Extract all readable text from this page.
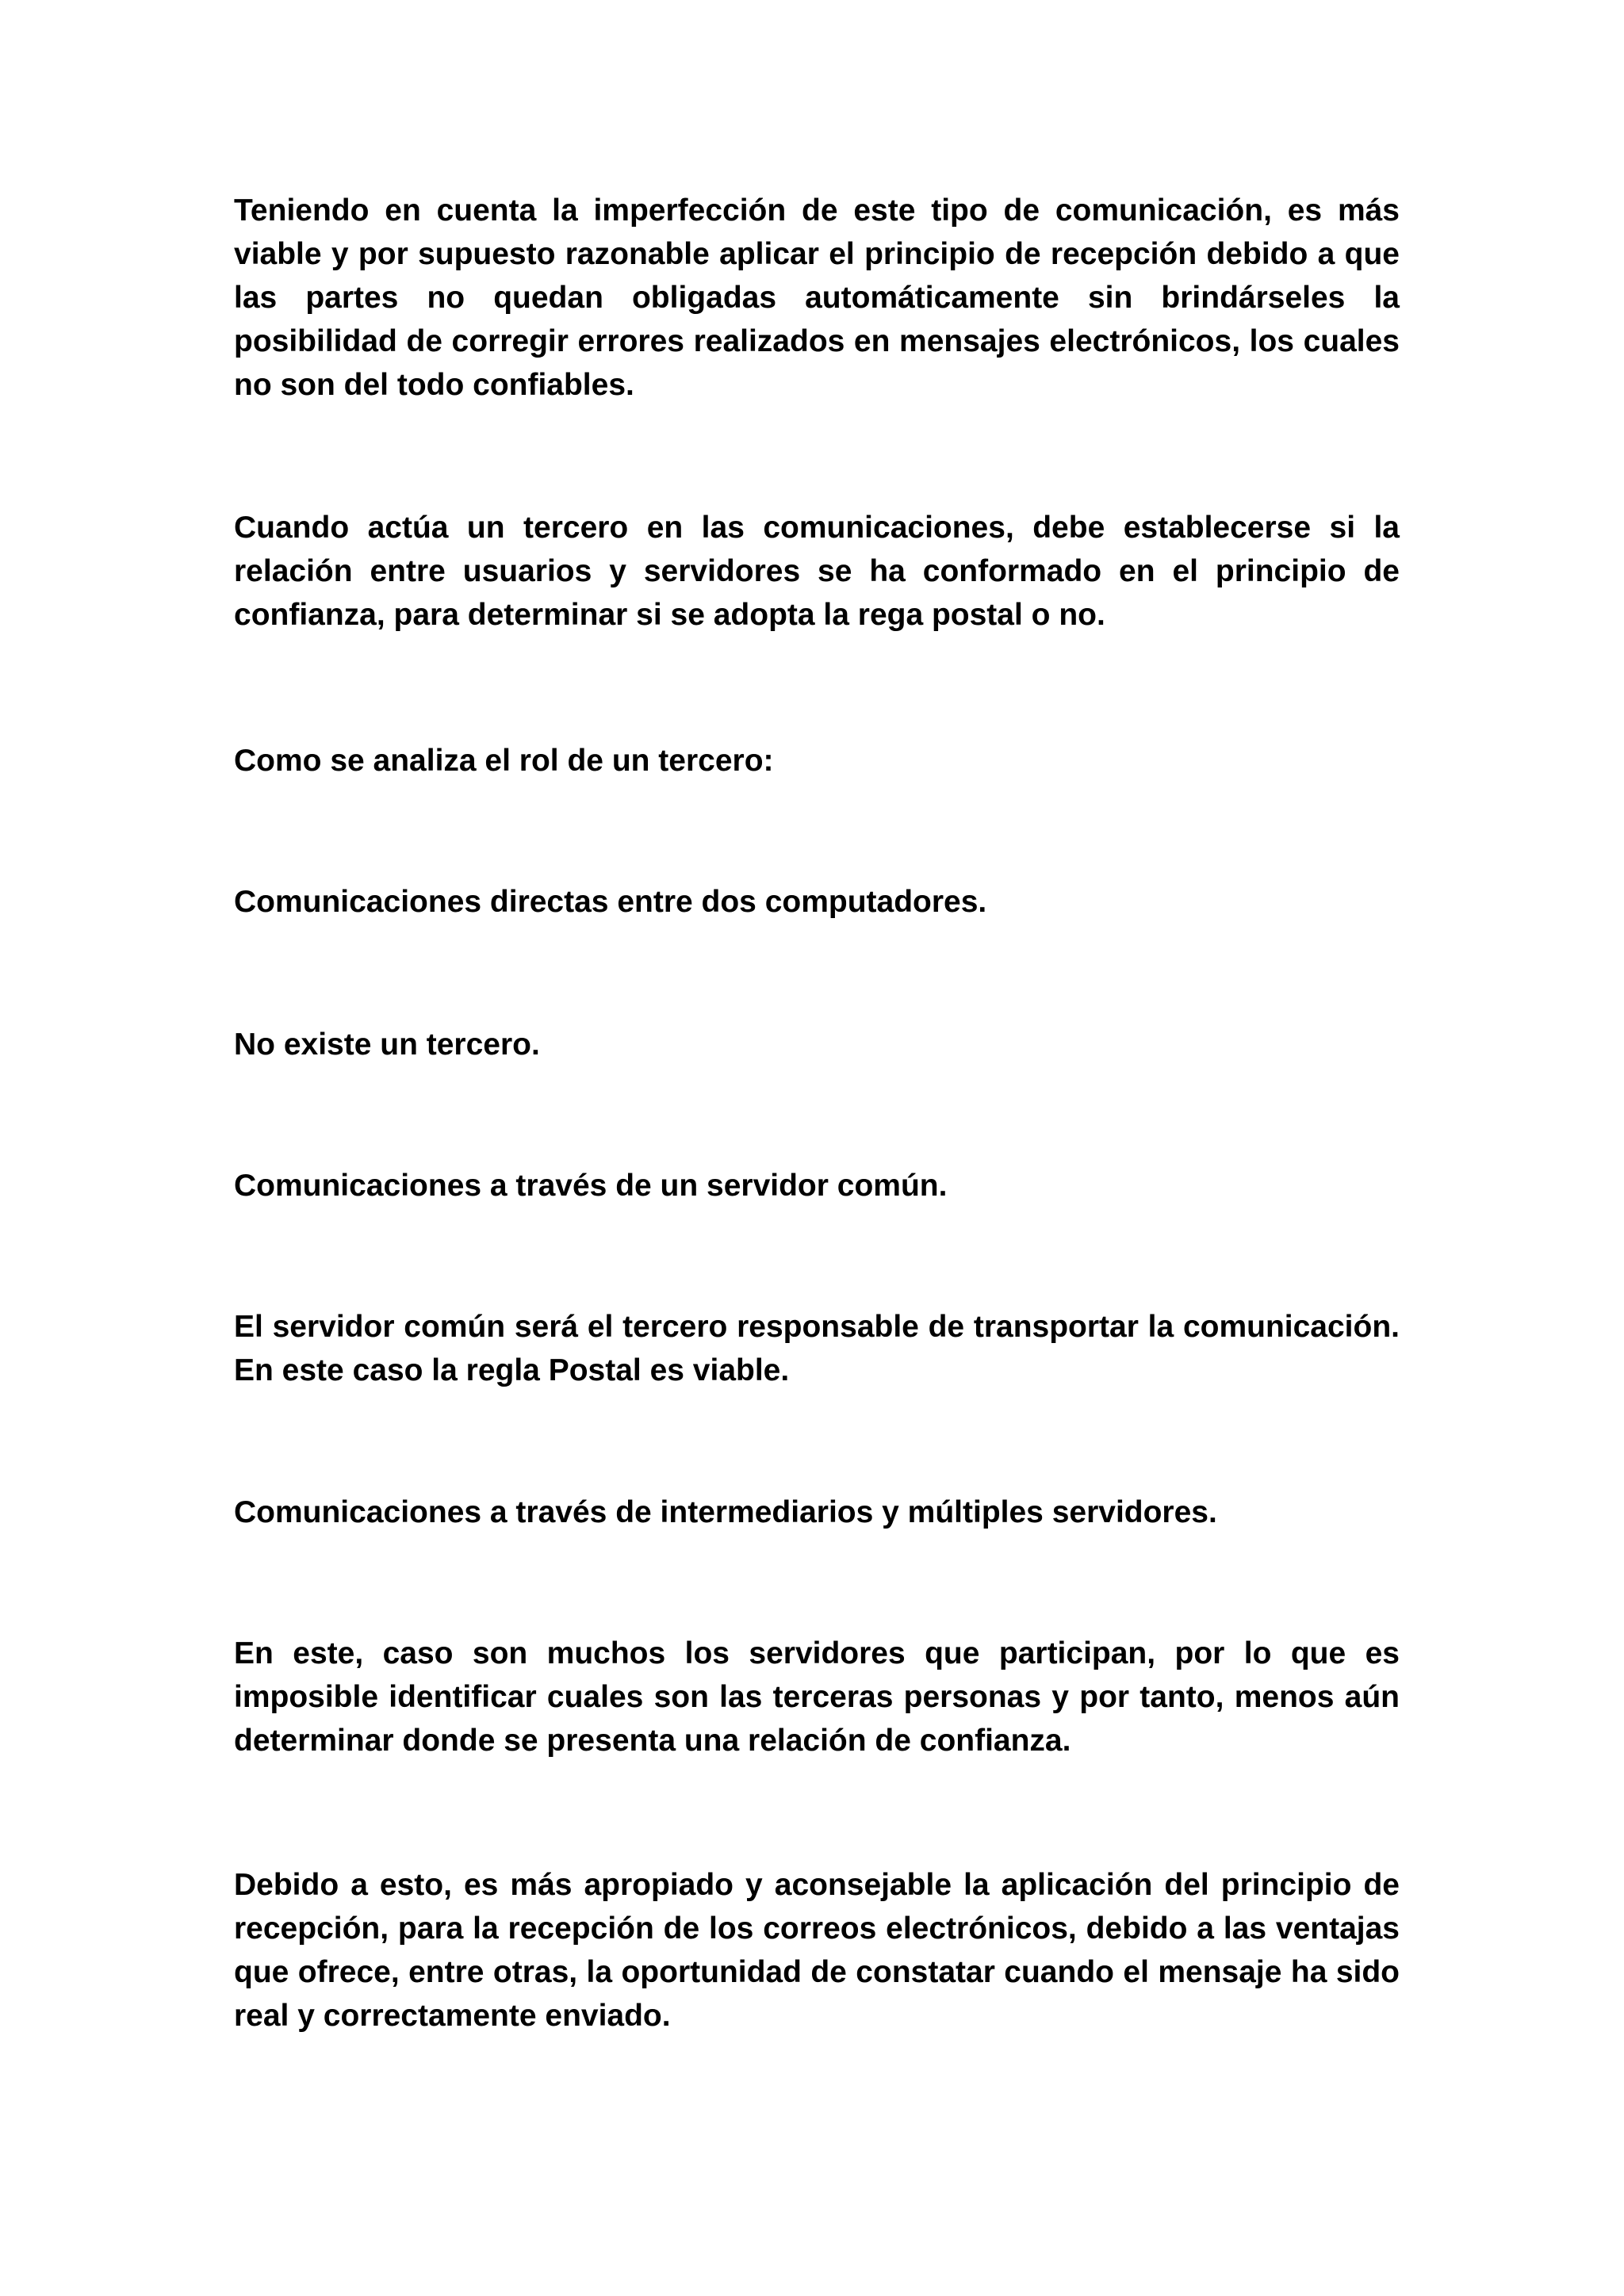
Teniendo en cuenta la imperfección de este tipo de comunicación, es más viable y por supuesto razonable aplicar el principio de recepción debido a que las partes no quedan obligadas automáticamente sin brindárseles la posibilidad de corregir errores realizados en mensajes electrónicos, los cuales no son del todo confiables.

Cuando actúa un tercero en las comunicaciones, debe establecerse si la relación entre usuarios y servidores se ha conformado en el principio de confianza, para determinar si se adopta la rega postal o no.

Como se analiza el rol de un tercero:

Comunicaciones directas entre dos computadores.

No existe un tercero.

Comunicaciones a través de un servidor común.

El servidor común será el tercero responsable de transportar la comunicación. En este caso la regla Postal es viable.

Comunicaciones a través de intermediarios y múltiples servidores.

En este, caso son muchos los servidores que participan, por lo que es imposible identificar cuales son las terceras personas y por tanto, menos aún determinar donde se presenta una relación de confianza.

Debido a esto, es más apropiado y aconsejable la aplicación del principio de recepción, para la recepción de los correos electrónicos, debido a las ventajas que ofrece, entre otras, la oportunidad de constatar cuando el mensaje ha sido real y correctamente enviado.
